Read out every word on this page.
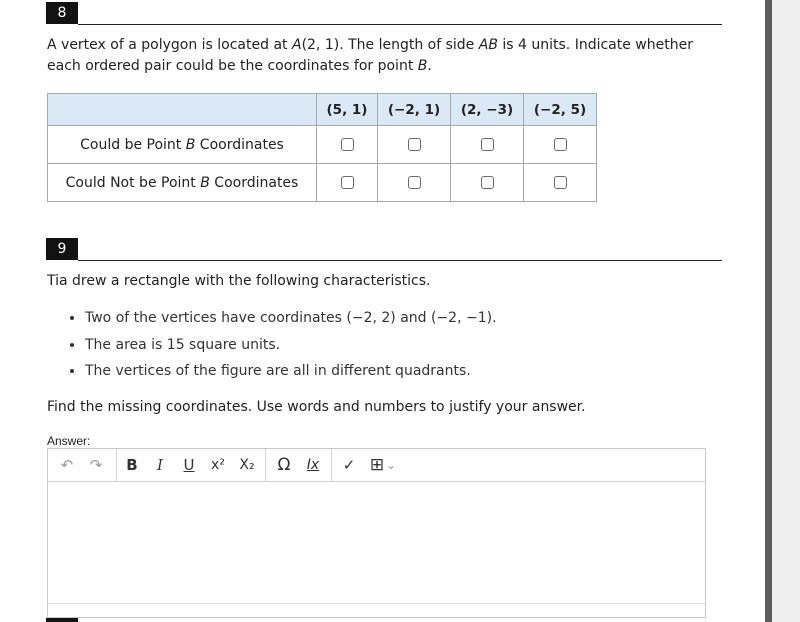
8
A vertex of a polygon is located at A(2, 1). The length of side AB is 4 units. Indicate whether
each ordered pair could be the coordinates for point B.
	(5, 1)	(−2, 1)	(2, −3)	(−2, 5)
Could be Point B Coordinates				
Could Not be Point B Coordinates				
9
Tia drew a rectangle with the following characteristics.
• Two of the vertices have coordinates (−2, 2) and (−2, −1).
• The area is 15 square units.
• The vertices of the figure are all in different quadrants.
Find the missing coordinates. Use words and numbers to justify your answer.
Answer:
↶	↷	B	I	U	x²	X₂	Ω	Ix	✓ ⊞ ⌄
